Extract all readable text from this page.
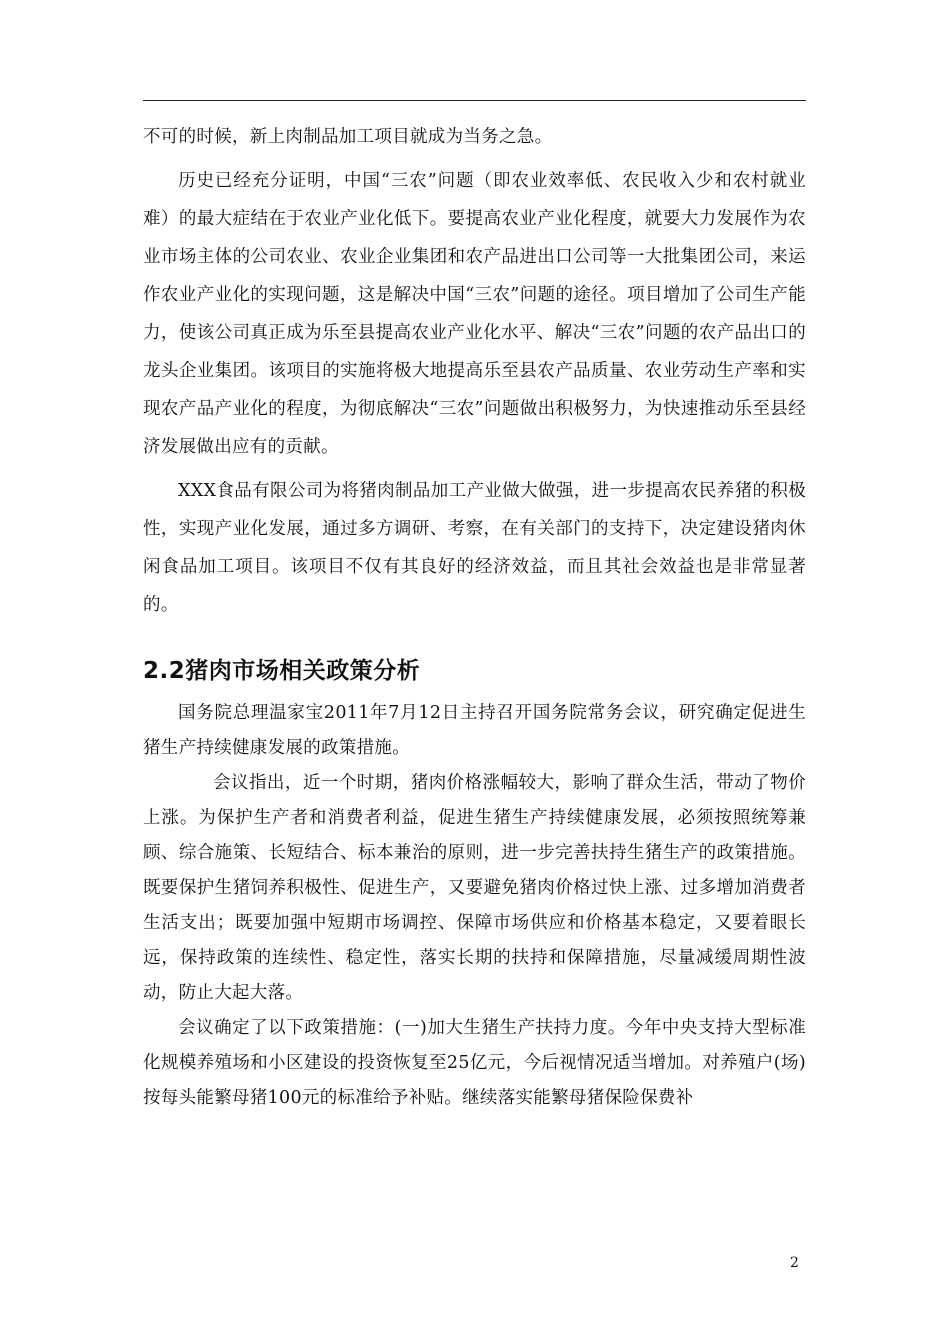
不可的时候，新上肉制品加工项目就成为当务之急。

历史已经充分证明，中国“三农”问题（即农业效率低、农民收入少和农村就业难）的最大症结在于农业产业化低下。要提高农业产业化程度，就要大力发展作为农业市场主体的公司农业、农业企业集团和农产品进出口公司等一大批集团公司，来运作农业产业化的实现问题，这是解决中国“三农”问题的途径。项目增加了公司生产能力，使该公司真正成为乐至县提高农业产业化水平、解决“三农”问题的农产品出口的龙头企业集团。该项目的实施将极大地提高乐至县农产品质量、农业劳动生产率和实现农产品产业化的程度，为彻底解决“三农”问题做出积极努力，为快速推动乐至县经济发展做出应有的贡献。

XXX食品有限公司为将猪肉制品加工产业做大做强，进一步提高农民养猪的积极性，实现产业化发展，通过多方调研、考察，在有关部门的支持下，决定建设猪肉休闲食品加工项目。该项目不仅有其良好的经济效益，而且其社会效益也是非常显著的。

2.2猪肉市场相关政策分析

国务院总理温家宝2011年7月12日主持召开国务院常务会议，研究确定促进生猪生产持续健康发展的政策措施。

会议指出，近一个时期，猪肉价格涨幅较大，影响了群众生活，带动了物价上涨。为保护生产者和消费者利益，促进生猪生产持续健康发展，必须按照统筹兼顾、综合施策、长短结合、标本兼治的原则，进一步完善扶持生猪生产的政策措施。既要保护生猪饲养积极性、促进生产，又要避免猪肉价格过快上涨、过多增加消费者生活支出；既要加强中短期市场调控、保障市场供应和价格基本稳定，又要着眼长远，保持政策的连续性、稳定性，落实长期的扶持和保障措施，尽量减缓周期性波动，防止大起大落。

会议确定了以下政策措施：(一)加大生猪生产扶持力度。今年中央支持大型标准化规模养殖场和小区建设的投资恢复至25亿元，今后视情况适当增加。对养殖户(场)按每头能繁母猪100元的标准给予补贴。继续落实能繁母猪保险保费补

2
